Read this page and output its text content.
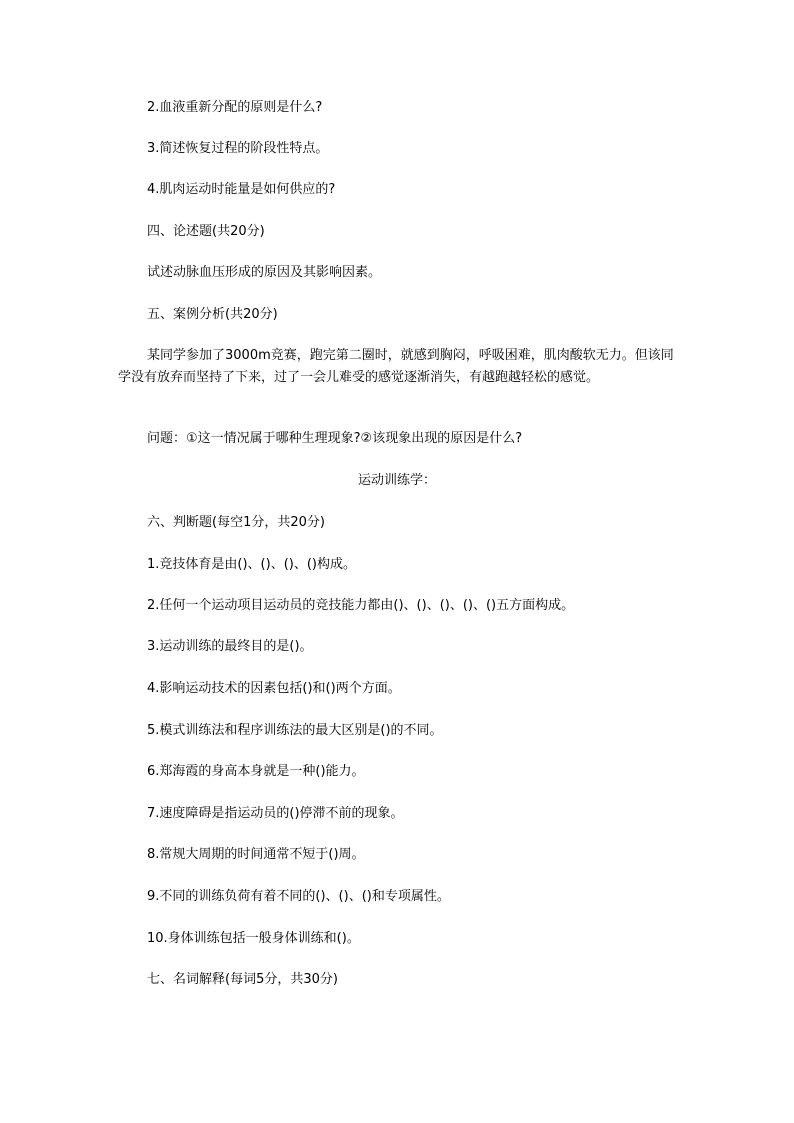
2.血液重新分配的原则是什么?
3.简述恢复过程的阶段性特点。
4.肌肉运动时能量是如何供应的?
四、论述题(共20分)
试述动脉血压形成的原因及其影响因素。
五、案例分析(共20分)
某同学参加了3000m竞赛，跑完第二圈时，就感到胸闷，呼吸困难，肌肉酸软无力。但该同学没有放弃而坚持了下来，过了一会儿难受的感觉逐渐消失，有越跑越轻松的感觉。
问题：①这一情况属于哪种生理现象?②该现象出现的原因是什么?
运动训练学：
六、判断题(每空1分，共20分)
1.竞技体育是由()、()、()、()构成。
2.任何一个运动项目运动员的竞技能力都由()、()、()、()、()五方面构成。
3.运动训练的最终目的是()。
4.影响运动技术的因素包括()和()两个方面。
5.模式训练法和程序训练法的最大区别是()的不同。
6.郑海霞的身高本身就是一种()能力。
7.速度障碍是指运动员的()停滞不前的现象。
8.常规大周期的时间通常不短于()周。
9.不同的训练负荷有着不同的()、()、()和专项属性。
10.身体训练包括一般身体训练和()。
七、名词解释(每词5分，共30分)
